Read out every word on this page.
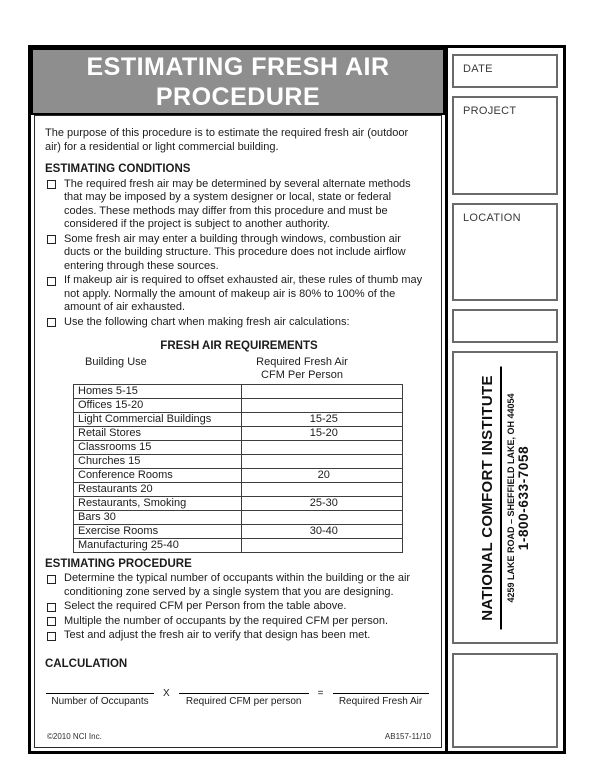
ESTIMATING FRESH AIR
PROCEDURE

The purpose of this procedure is to estimate the required fresh air (outdoor air) for a residential or light commercial building.

ESTIMATING CONDITIONS
The required fresh air may be determined by several alternate methods that may be imposed by a system designer or local, state or federal codes. These methods may differ from this procedure and must be considered if the project is subject to another authority.
Some fresh air may enter a building through windows, combustion air ducts or the building structure. This procedure does not include airflow entering through these sources.
If makeup air is required to offset exhausted air, these rules of thumb may not apply. Normally the amount of makeup air is 80% to 100% of the amount of air exhausted.
Use the following chart when making fresh air calculations:
FRESH AIR REQUIREMENTS
Building Use	Required Fresh Air
CFM Per Person
Homes 5-15	
Offices 15-20	
Light Commercial Buildings	15-25
Retail Stores	15-20
Classrooms 15	
Churches 15	
Conference Rooms	20
Restaurants 20	
Restaurants, Smoking	25-30
Bars 30	
Exercise Rooms	30-40
Manufacturing 25-40	
ESTIMATING PROCEDURE
Determine the typical number of occupants within the building or the air conditioning zone served by a single system that you are designing.
Select the required CFM per Person from the table above.
Multiple the number of occupants by the required CFM per person.
Test and adjust the fresh air to verify that design has been met.
CALCULATION
Number of Occupants
X
Required CFM per person
=
Required Fresh Air
©2010 NCI Inc.	AB157-11/10
DATE
PROJECT
LOCATION
NATIONAL COMFORT INSTITUTE 4259 LAKE ROAD – SHEFFIELD LAKE, OH 44054 1-800-633-7058
